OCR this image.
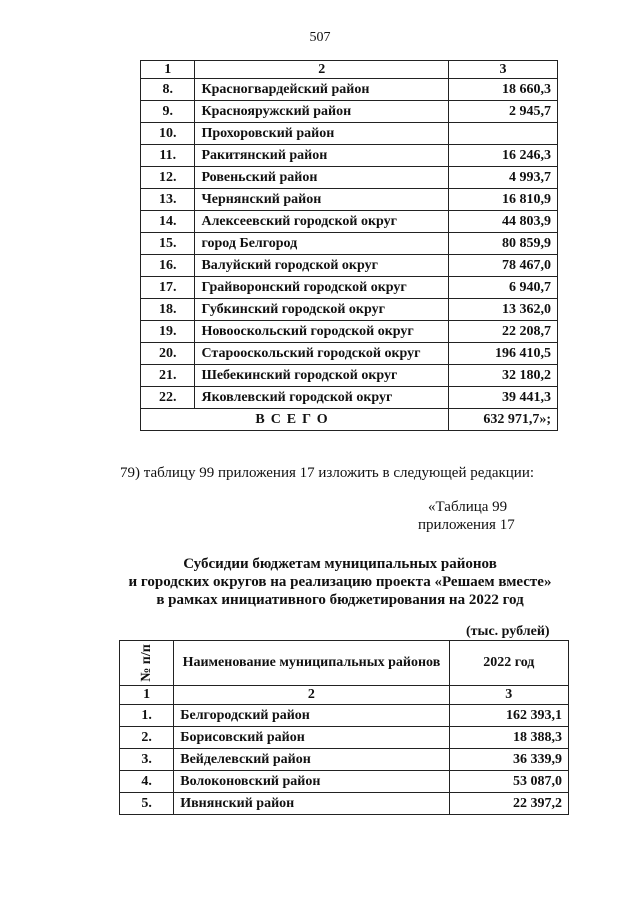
507
1	2	3
8.	Красногвардейский район	18 660,3
9.	Краснояружский район	2 945,7
10.	Прохоровский район	
11.	Ракитянский район	16 246,3
12.	Ровеньский район	4 993,7
13.	Чернянский район	16 810,9
14.	Алексеевский городской округ	44 803,9
15.	город Белгород	80 859,9
16.	Валуйский городской округ	78 467,0
17.	Грайворонский городской округ	6 940,7
18.	Губкинский городской округ	13 362,0
19.	Новооскольский городской округ	22 208,7
20.	Старооскольский городской округ	196 410,5
21.	Шебекинский городской округ	32 180,2
22.	Яковлевский городской округ	39 441,3
ВСЕГО		632 971,7»;
79) таблицу 99 приложения 17 изложить в следующей редакции:
«Таблица 99
приложения 17
Субсидии бюджетам муниципальных районов
и городских округов на реализацию проекта «Решаем вместе»
в рамках инициативного бюджетирования на 2022 год
(тыс. рублей)
№ п/п	Наименование муниципальных районов	2022 год
1	2	3
1.	Белгородский район	162 393,1
2.	Борисовский район	18 388,3
3.	Вейделевский район	36 339,9
4.	Волоконовский район	53 087,0
5.	Ивнянский район	22 397,2
